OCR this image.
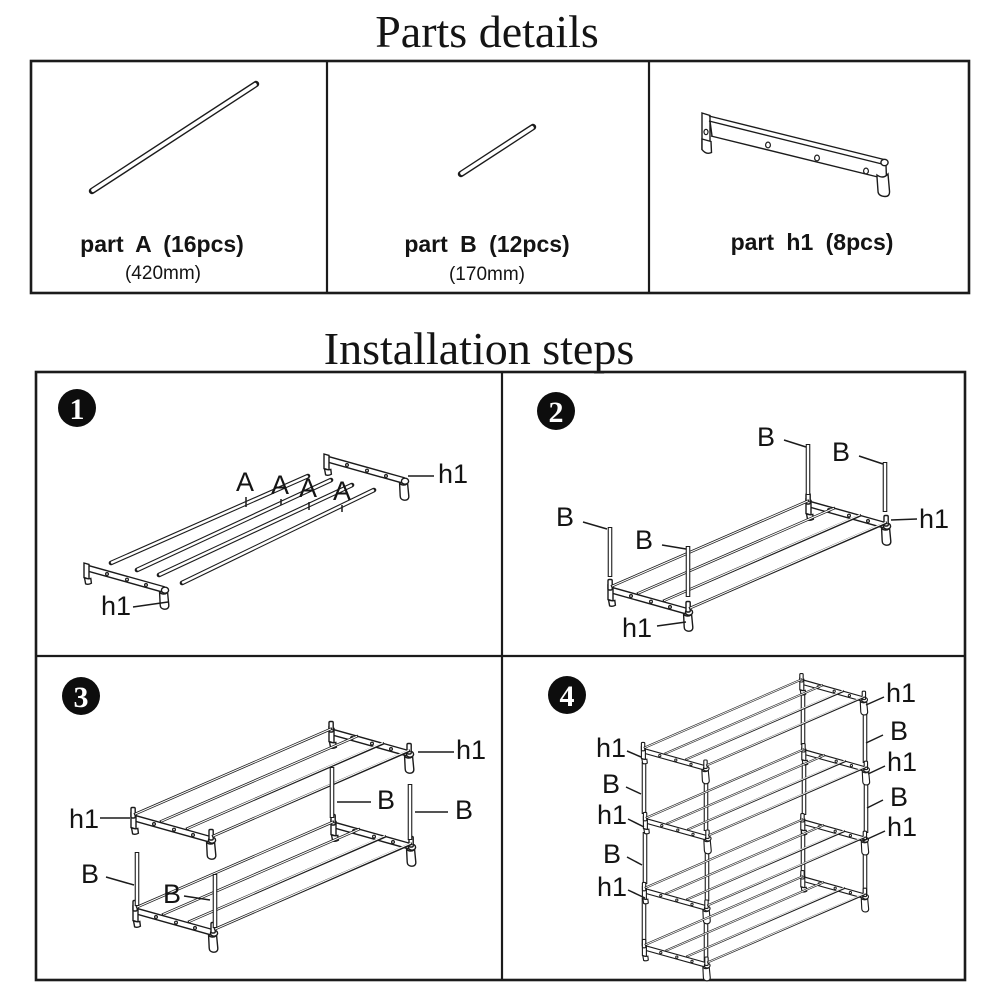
Parts details
Installation steps
part A (16pcs)
(420mm)
part B (12pcs)
(170mm)
part h1 (8pcs)
1
A A A A
h1
h1
2
B B
B
B
h1
h1
3
h1
h1
B B
B
B
4
h1
B
h1
B
h1
h1
B
h1
B
h1
